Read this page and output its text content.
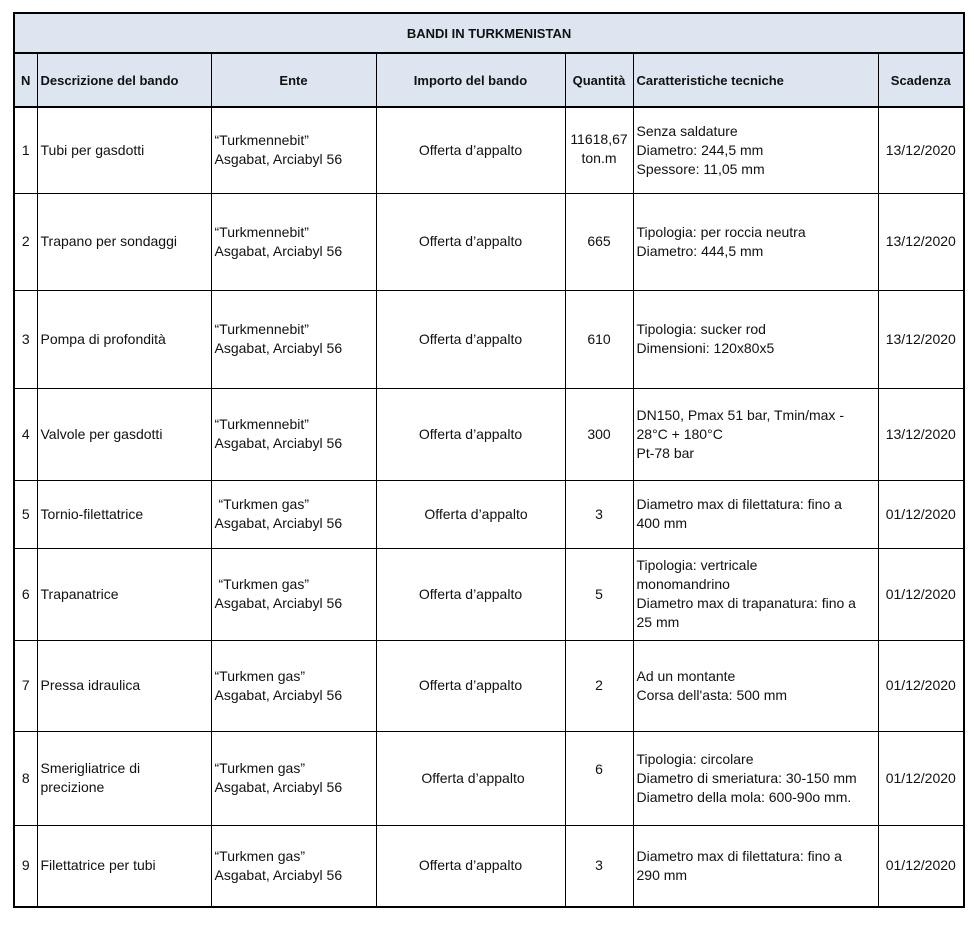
BANDI IN TURKMENISTAN						
N	Descrizione del bando	Ente	Importo del bando	Quantità	Caratteristiche tecniche	Scadenza

1	Tubi per gasdotti	“Turkmennebit”
Asgabat, Arciabyl 56	Offerta d’appalto	11618,67
ton.m	Senza saldature
Diametro: 244,5 mm
Spessore: 11,05 mm	13/12/2020

2	Trapano per sondaggi	“Turkmennebit”
Asgabat, Arciabyl 56	Offerta d’appalto	665	Tipologia: per roccia neutra
Diametro: 444,5 mm	13/12/2020

3	Pompa di profondità	“Turkmennebit”
Asgabat, Arciabyl 56	Offerta d’appalto	610	Tipologia: sucker rod
Dimensioni: 120x80x5	13/12/2020

4	Valvole per gasdotti	“Turkmennebit”
Asgabat, Arciabyl 56	Offerta d’appalto	300	DN150, Pmax 51 bar, Tmin/max -
28°C + 180°C
Pt-78 bar	13/12/2020

5	Tornio-filettatrice	“Turkmen gas”
Asgabat, Arciabyl 56	Offerta d’appalto	3	Diametro max di filettatura: fino a
400 mm	01/12/2020

6	Trapanatrice	“Turkmen gas”
Asgabat, Arciabyl 56	Offerta d’appalto	5	Tipologia: vertricale
monomandrino
Diametro max di trapanatura: fino a
25 mm	01/12/2020

7	Pressa idraulica	“Turkmen gas”
Asgabat, Arciabyl 56	Offerta d’appalto	2	Ad un montante
Corsa dell'asta: 500 mm	01/12/2020

8	Smerigliatrice di
precizione	“Turkmen gas”
Asgabat, Arciabyl 56	Offerta d’appalto	6	Tipologia: circolare
Diametro di smeriatura: 30-150 mm
Diametro della mola: 600-90o mm.	01/12/2020

9	Filettatrice per tubi	“Turkmen gas”
Asgabat, Arciabyl 56	Offerta d’appalto	3	Diametro max di filettatura: fino a
290 mm	01/12/2020
